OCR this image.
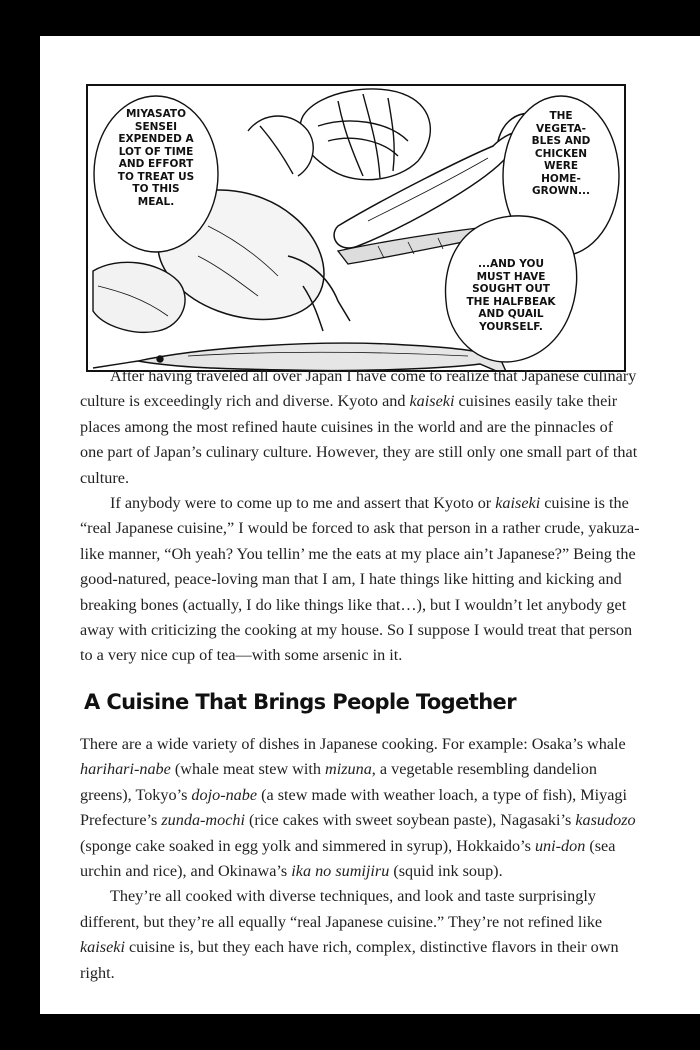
MIYASATO
SENSEI
EXPENDED A
LOT OF TIME
AND EFFORT
TO TREAT US
TO THIS
MEAL.
THE
VEGETA-
BLES AND
CHICKEN
WERE
HOME-
GROWN...
...AND YOU
MUST HAVE
SOUGHT OUT
THE HALFBEAK
AND QUAIL
YOURSELF.

After having traveled all over Japan I have come to realize that Japanese culinary culture is exceedingly rich and diverse. Kyoto and kaiseki cuisines easily take their places among the most refined haute cuisines in the world and are the pinnacles of one part of Japan’s culinary culture. However, they are still only one small part of that culture.

If anybody were to come up to me and assert that Kyoto or kaiseki cuisine is the “real Japanese cuisine,” I would be forced to ask that person in a rather crude, yakuza-like manner, “Oh yeah? You tellin’ me the eats at my place ain’t Japanese?” Being the good-natured, peace-loving man that I am, I hate things like hitting and kicking and breaking bones (actually, I do like things like that…), but I wouldn’t let anybody get away with criticizing the cooking at my house. So I suppose I would treat that person to a very nice cup of tea—with some arsenic in it.

A Cuisine That Brings People Together

There are a wide variety of dishes in Japanese cooking. For example: Osaka’s whale harihari-nabe (whale meat stew with mizuna, a vegetable resembling dandelion greens), Tokyo’s dojo-nabe (a stew made with weather loach, a type of fish), Miyagi Prefecture’s zunda-mochi (rice cakes with sweet soybean paste), Nagasaki’s kasudozo (sponge cake soaked in egg yolk and simmered in syrup), Hokkaido’s uni-don (sea urchin and rice), and Okinawa’s ika no sumijiru (squid ink soup).

They’re all cooked with diverse techniques, and look and taste surprisingly different, but they’re all equally “real Japanese cuisine.” They’re not refined like kaiseki cuisine is, but they each have rich, complex, distinctive flavors in their own right.
